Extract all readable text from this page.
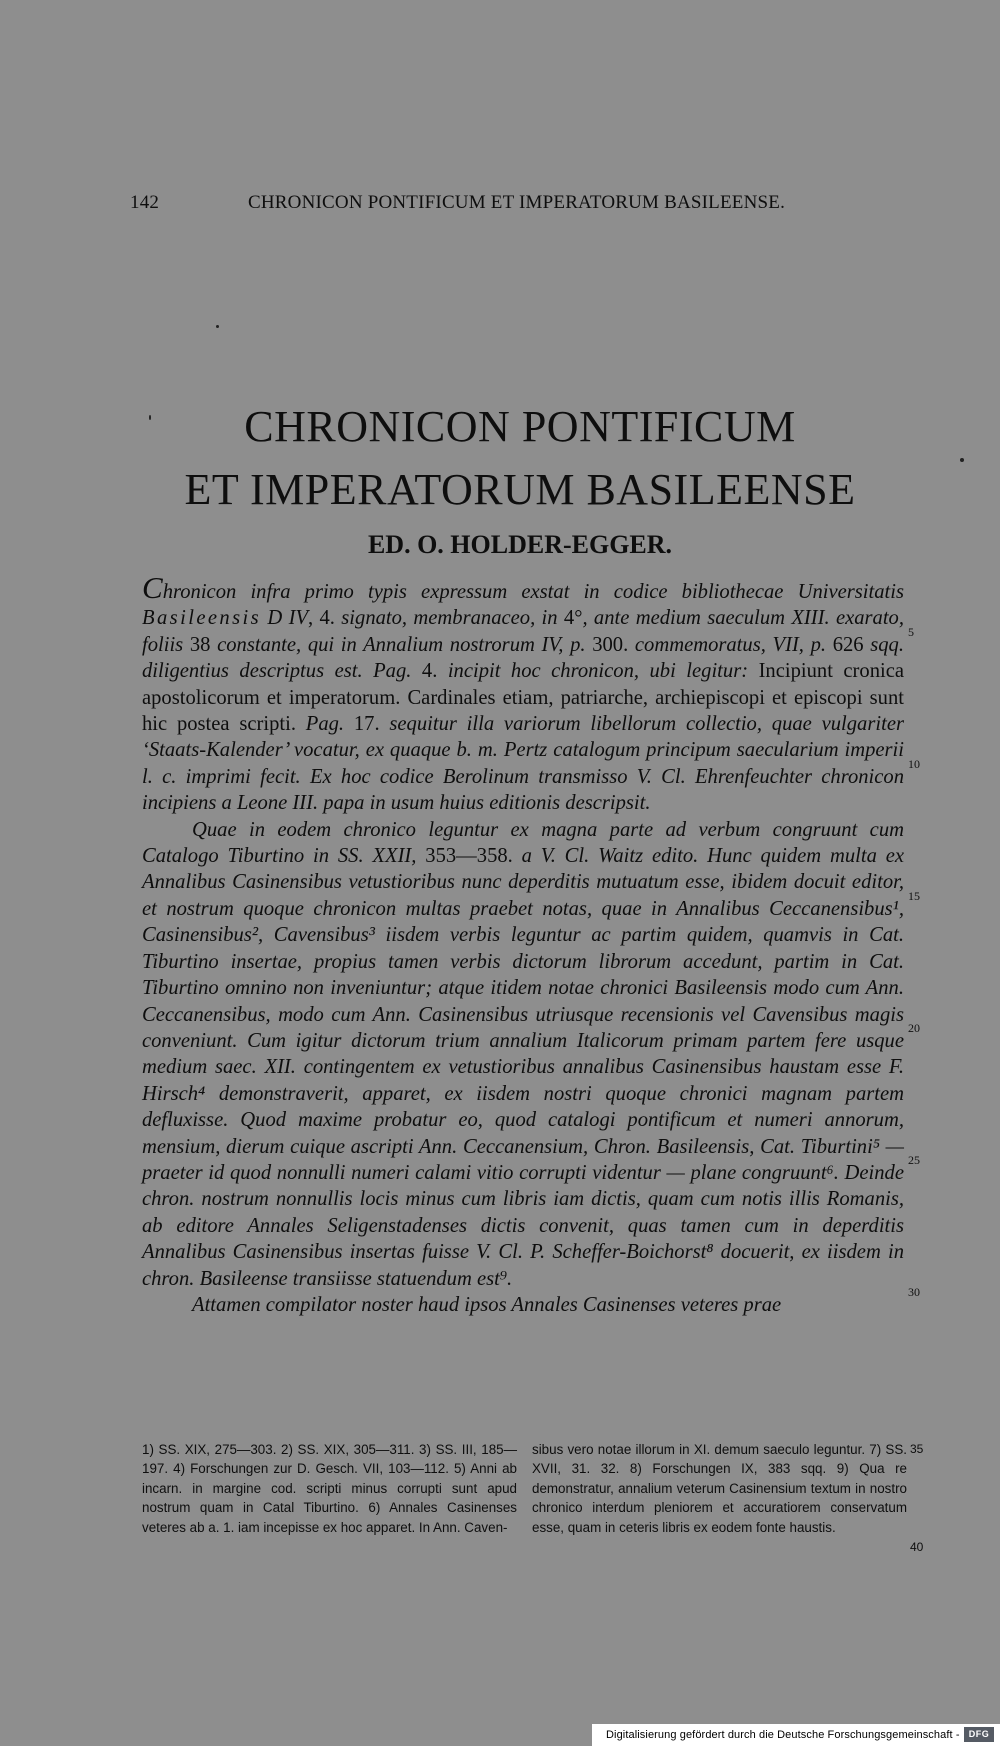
142	CHRONICON PONTIFICUM ET IMPERATORUM BASILEENSE.
CHRONICON PONTIFICUM
ET IMPERATORUM BASILEENSE
ED. O. HOLDER-EGGER.

Chronicon infra primo typis expressum exstat in codice bibliothecae Universitatis Basileensis D IV, 4. signato, membranaceo, in 4°, ante medium saeculum XIII. exarato, foliis 38 constante, qui in Annalium nostrorum IV, p. 300. commemoratus, VII, p. 626 sqq. diligentius descriptus est. Pag. 4. incipit hoc chronicon, ubi legitur: Incipiunt cronica apostolicorum et imperatorum. Cardinales etiam, patriarche, archiepiscopi et episcopi sunt hic postea scripti. Pag. 17. sequitur illa variorum libellorum collectio, quae vulgariter ‘Staats-Kalender’ vocatur, ex quaque b. m. Pertz catalogum principum saecularium imperii l. c. imprimi fecit. Ex hoc codice Berolinum transmisso V. Cl. Ehrenfeuchter chronicon incipiens a Leone III. papa in usum huius editionis descripsit.

Quae in eodem chronico leguntur ex magna parte ad verbum congruunt cum Catalogo Tiburtino in SS. XXII, 353—358. a V. Cl. Waitz edito. Hunc quidem multa ex Annalibus Casinensibus vetustioribus nunc deperditis mutuatum esse, ibidem docuit editor, et nostrum quoque chronicon multas praebet notas, quae in Annalibus Ceccanensibus¹, Casinensibus², Cavensibus³ iisdem verbis leguntur ac partim quidem, quamvis in Cat. Tiburtino insertae, propius tamen verbis dictorum librorum accedunt, partim in Cat. Tiburtino omnino non inveniuntur; atque itidem notae chronici Basileensis modo cum Ann. Ceccanensibus, modo cum Ann. Casinensibus utriusque recensionis vel Cavensibus magis conveniunt. Cum igitur dictorum trium annalium Italicorum primam partem fere usque medium saec. XII. contingentem ex vetustioribus annalibus Casinensibus haustam esse F. Hirsch⁴ demonstraverit, apparet, ex iisdem nostri quoque chronici magnam partem defluxisse. Quod maxime probatur eo, quod catalogi pontificum et numeri annorum, mensium, dierum cuique ascripti Ann. Ceccanensium, Chron. Basileensis, Cat. Tiburtini⁵ — praeter id quod nonnulli numeri calami vitio corrupti videntur — plane congruunt⁶. Deinde chron. nostrum nonnullis locis minus cum libris iam dictis, quam cum notis illis Romanis, ab editore Annales Seligenstadenses dictis convenit, quas tamen cum in deperditis Annalibus Casinensibus insertas fuisse V. Cl. P. Scheffer-Boichorst⁸ docuerit, ex iisdem in chron. Basileense transiisse statuendum est⁹.

Attamen compilator noster haud ipsos Annales Casinenses veteres prae

5
10
15
20
25
30

1) SS. XIX, 275—303. 2) SS. XIX, 305—311. 3) SS. III, 185—197. 4) Forschungen zur D. Gesch. VII, 103—112. 5) Anni ab incarn. in margine cod. scripti minus corrupti sunt apud nostrum quam in Catal Tiburtino. 6) Annales Casinenses veteres ab a. 1. iam incepisse ex hoc apparet. In Ann. Caven-

sibus vero notae illorum in XI. demum saeculo leguntur. 7) SS. XVII, 31. 32. 8) Forschungen IX, 383 sqq. 9) Qua re demonstratur, annalium veterum Casinensium textum in nostro chronico interdum pleniorem et accuratiorem conservatum esse, quam in ceteris libris ex eodem fonte haustis.

35
40
Digitalisierung gefördert durch die Deutsche Forschungsgemeinschaft -	DFG
